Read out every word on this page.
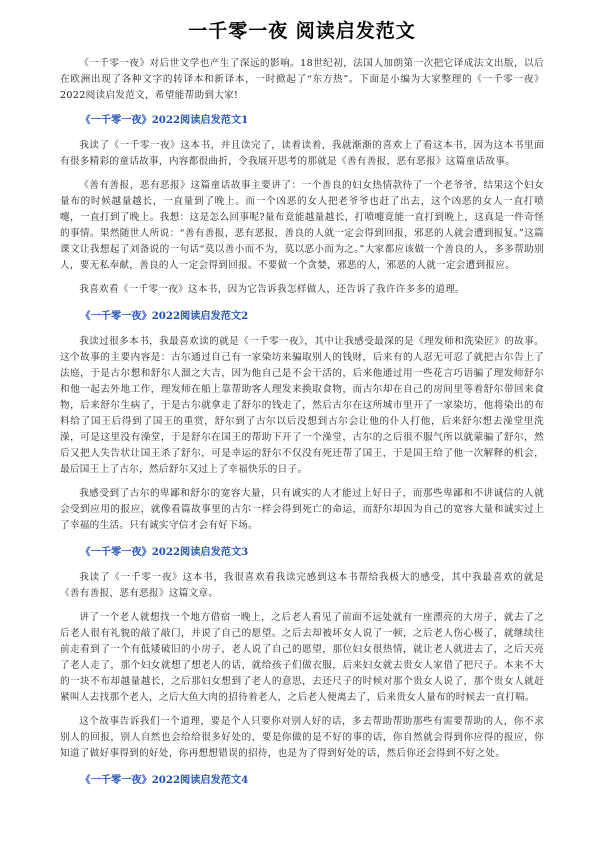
一千零一夜 阅读启发范文

《一千零一夜》对后世文学也产生了深远的影响。18世纪初，法国人加朗第一次把它译成法文出版，以后在欧洲出现了各种文字的转译本和新译本，一时掀起了“东方热”。下面是小编为大家整理的《一千零一夜》2022阅读启发范文，希望能帮助到大家!

《一千零一夜》2022阅读启发范文1

我读了《一千零一夜》这本书，并且读完了，读着读着，我就渐渐的喜欢上了看这本书，因为这本书里面有很多精彩的童话故事，内容都很曲折，令我展开思考的那就是《善有善报，恶有恶报》这篇童话故事。

《善有善报，恶有恶报》这篇童话故事主要讲了：一个善良的妇女热情款待了一个老爷爷，结果这个妇女量布的时候越量越长，一直量到了晚上。而一个凶恶的女人把老爷爷也赶了出去，这个凶恶的女人一直打喷嚏，一直打到了晚上。我想：这是怎么回事呢?量布竟能越量越长，打喷嚏竟能一直打到晚上，这真是一件奇怪的事情。果然随世人所说：“善有善报，恶有恶报，善良的人就一定会得到回报，邪恶的人就会遭到报复。”这篇课文让我想起了刘备说的一句话“莫以善小而不为，莫以恶小而为之。”大家都应该做一个善良的人，多多帮助别人，要无私奉献，善良的人一定会得到回报。不要做一个贪婪，邪恶的人，邪恶的人就一定会遭到报应。

我喜欢看《一千零一夜》这本书，因为它告诉我怎样做人，还告诉了我许许多多的道理。

《一千零一夜》2022阅读启发范文2

我读过很多本书，我最喜欢读的就是《一千零一夜》，其中让我感受最深的是《理发师和洗染匠》的故事。这个故事的主要内容是：古尔通过自己有一家染坊来骗取别人的钱财，后来有的人忍无可忍了就把古尔告上了法庭，于是古尔想和舒尔人溜之大吉，因为他自己是不会干活的，后来他通过用一些花言巧语骗了理发师舒尔和他一起去外地工作，理发师在船上靠帮助客人理发来换取食物，而古尔却在自己的房间里等着舒尔带回来食物，后来舒尔生病了，于是古尔就拿走了舒尔的钱走了，然后古尔在这所城市里开了一家染坊，他将染出的布料给了国王后得到了国王的重赏，舒尔到了古尔以后没想到古尔会让他的仆人打他，后来舒尔想去澡堂里洗澡，可是这里没有澡堂，于是舒尔在国王的帮助下开了一个澡堂，古尔的之后很不服气所以就蒙骗了舒尔，然后又把人失告状让国王杀了舒尔，可是幸运的舒尔不仅没有死还帮了国王，于是国王给了他一次解释的机会，最后国王上了古尔，然后舒尔又过上了幸福快乐的日子。

我感受到了古尔的卑鄙和舒尔的宽容大量，只有诚实的人才能过上好日子，而那些卑鄙和不讲诚信的人就会受到应用的报应，就像看篇故事里的古尔一样会得到死亡的命运，而舒尔却因为自己的宽容大量和诚实过上了幸福的生活。只有诚实守信才会有好下场。

《一千零一夜》2022阅读启发范文3

我读了《一千零一夜》这本书，我很喜欢看我读完感到这本书帮给我极大的感受，其中我最喜欢的就是《善有善报，恶有恶报》这篇文章。

讲了一个老人就想找一个地方借宿一晚上，之后老人看见了前面不远处就有一座漂亮的大房子，就去了之后老人很有礼貌的敲了敲门，并说了自己的愿望。之后去却被坏女人说了一顿，之后老人伤心极了，就继续往前走看到了一个有低矮破旧的小房子，老人说了自己的愿望，那位妇女很热情，就让老人就进去了，之后天亮了老人走了，那个妇女就想了想老人的话，就给孩子们做衣服，后来妇女就去贵女人家借了把尺子。本来不大的一块不布却越量越长，之后那妇女想到了老人的意思，去还尺子的时候对那个贵女人说了，那个贵女人就赶紧叫人去找那个老人，之后大鱼大肉的招待着老人，之后老人便离去了，后来贵女人量布的时候去一直打嗝。

这个故事告诉我们一个道理，要是个人只要你对别人好的话，多去帮助帮助那些有需要帮助的人，你不求别人的回报，别人自然也会给给很多好处的，要是你做的是不好的事的话，你自然就会得到你应得的报应，你知道了做好事得到的好处，你再想想错误的招待，也是为了得到好处的话，然后你还会得到不好之处。

《一千零一夜》2022阅读启发范文4
